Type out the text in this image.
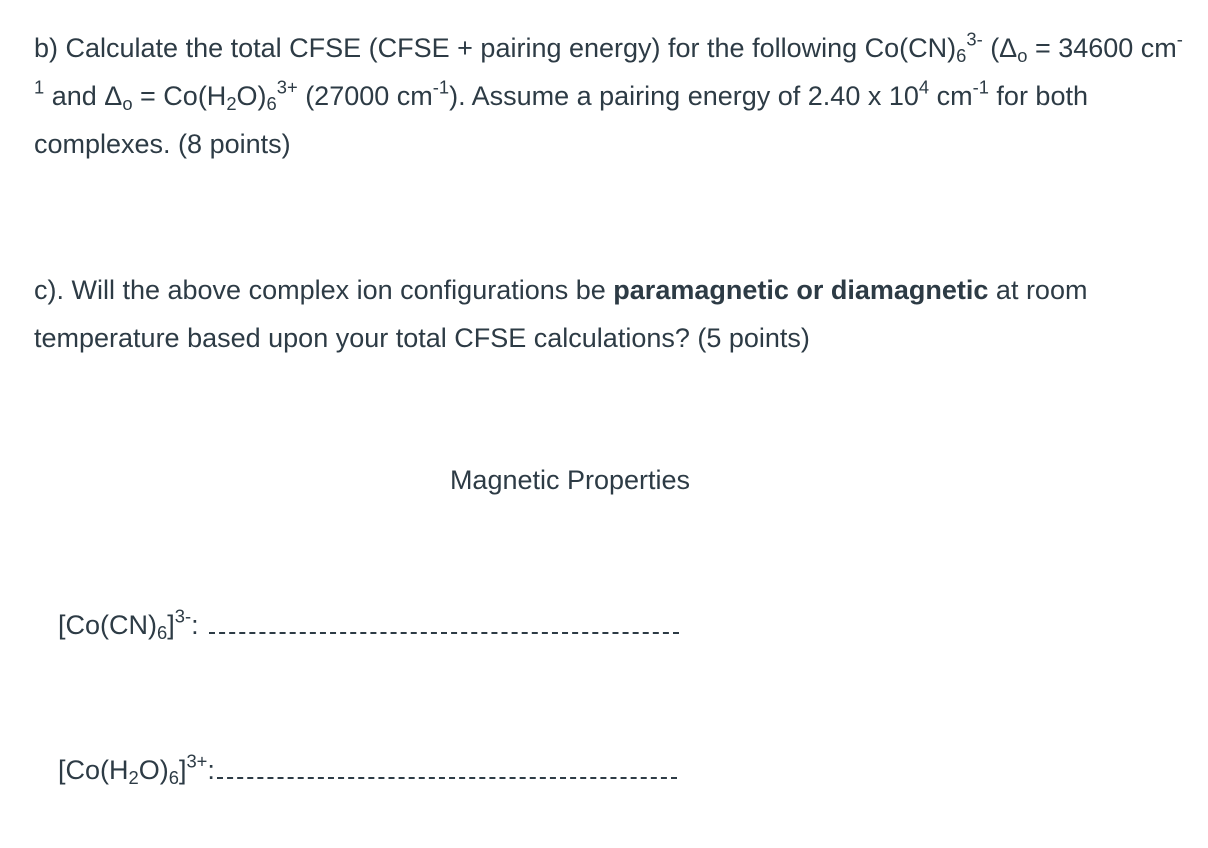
b) Calculate the total CFSE (CFSE + pairing energy) for the following $Co(CN)_6^{3-}$ ($\Delta_o = 34600$ $cm^{-1}$ and $\Delta_o = Co(H_2O)_6^{3+}$ (27000 $cm^{-1}$). Assume a pairing energy of 2.40 x $10^4$ $cm^{-1}$ for both complexes. (8 points)

c). Will the above complex ion configurations be paramagnetic or diamagnetic at room temperature based upon your total CFSE calculations? (5 points)

Magnetic Properties
$[Co(CN)_6]^{3-}$:
$[Co(H_2O)_6]^{3+}$:
